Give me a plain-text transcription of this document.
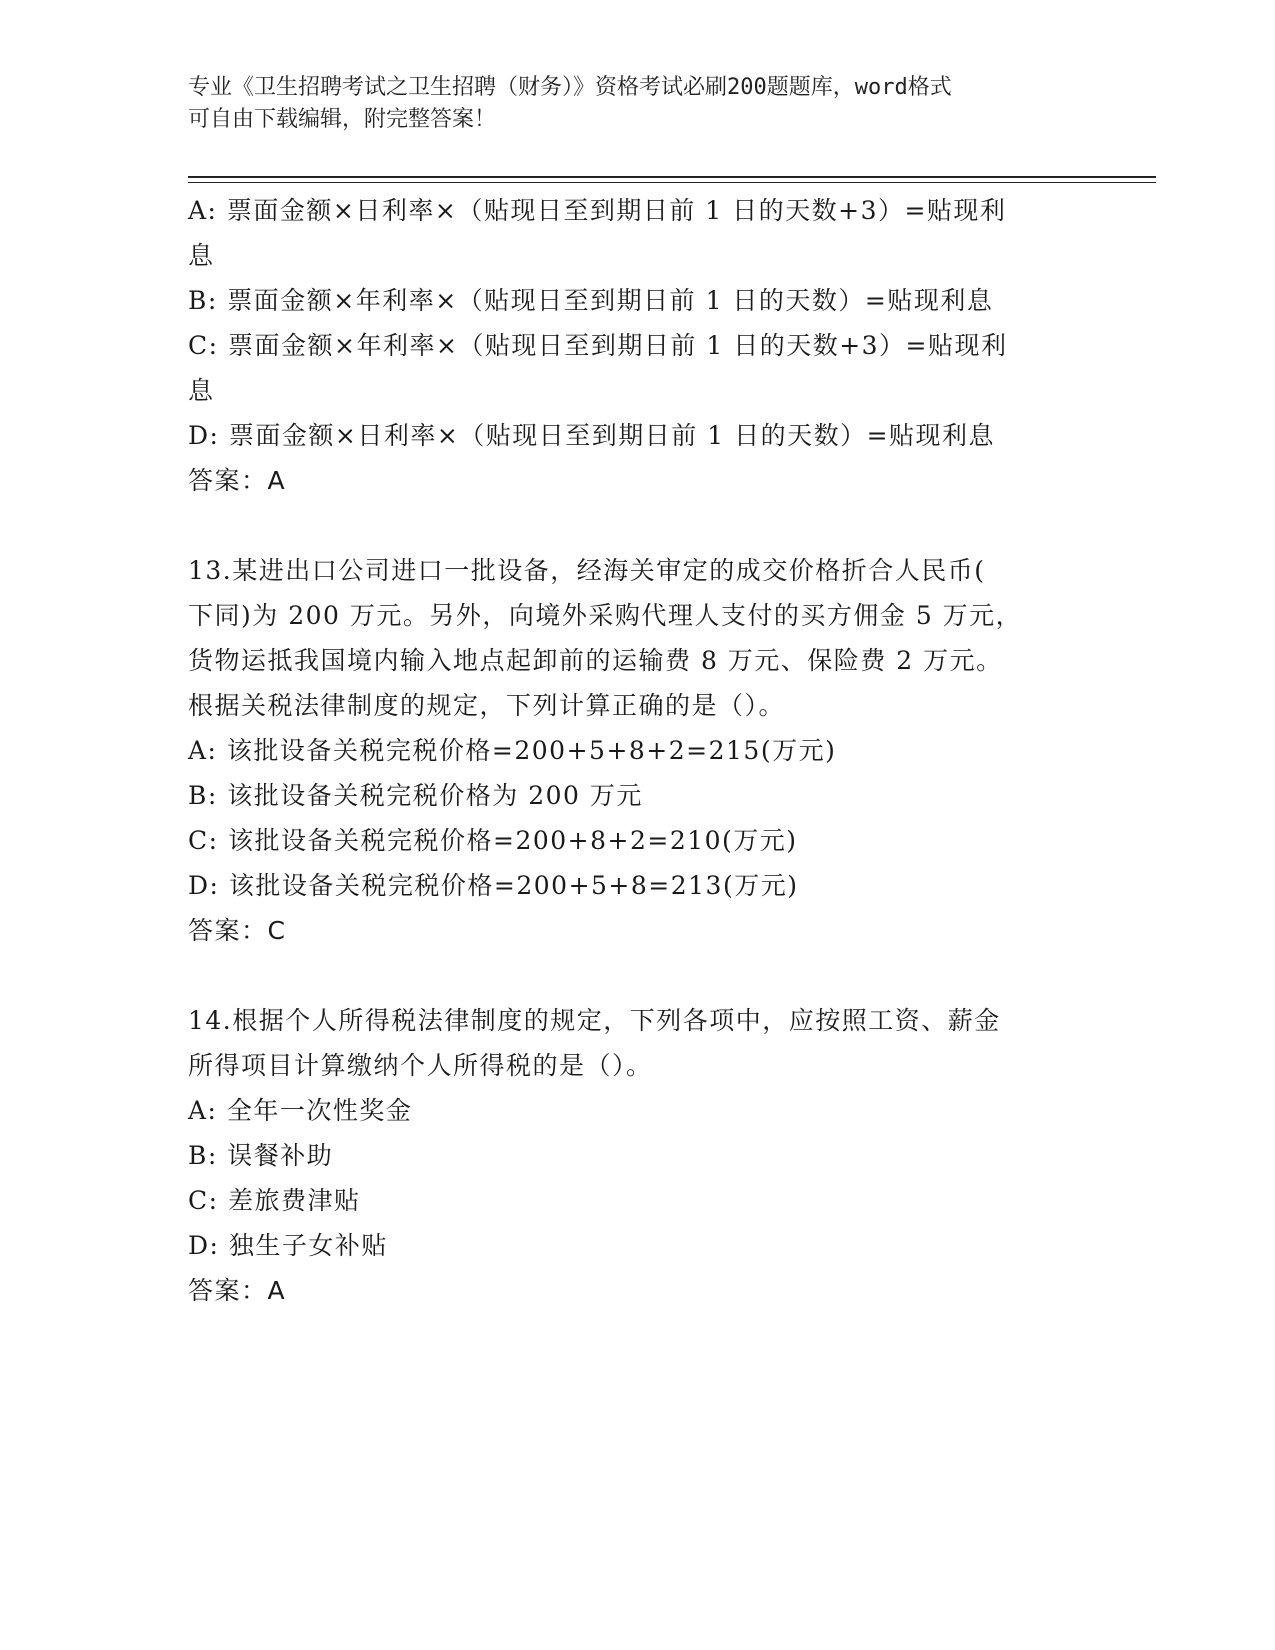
专业《卫生招聘考试之卫生招聘（财务）》资格考试必刷200题题库，word格式
可自由下载编辑，附完整答案！
A: 票面金额×日利率×（贴现日至到期日前 1 日的天数+3）=贴现利
息
B: 票面金额×年利率×（贴现日至到期日前 1 日的天数）=贴现利息
C: 票面金额×年利率×（贴现日至到期日前 1 日的天数+3）=贴现利
息
D: 票面金额×日利率×（贴现日至到期日前 1 日的天数）=贴现利息
答案：A
13.某进出口公司进口一批设备，经海关审定的成交价格折合人民币(
下同)为 200 万元。另外，向境外采购代理人支付的买方佣金 5 万元，
货物运抵我国境内输入地点起卸前的运输费 8 万元、保险费 2 万元。
根据关税法律制度的规定，下列计算正确的是（）。
A: 该批设备关税完税价格=200+5+8+2=215(万元)
B: 该批设备关税完税价格为 200 万元
C: 该批设备关税完税价格=200+8+2=210(万元)
D: 该批设备关税完税价格=200+5+8=213(万元)
答案：C
14.根据个人所得税法律制度的规定，下列各项中，应按照工资、薪金
所得项目计算缴纳个人所得税的是（）。
A: 全年一次性奖金
B: 误餐补助
C: 差旅费津贴
D: 独生子女补贴
答案：A
